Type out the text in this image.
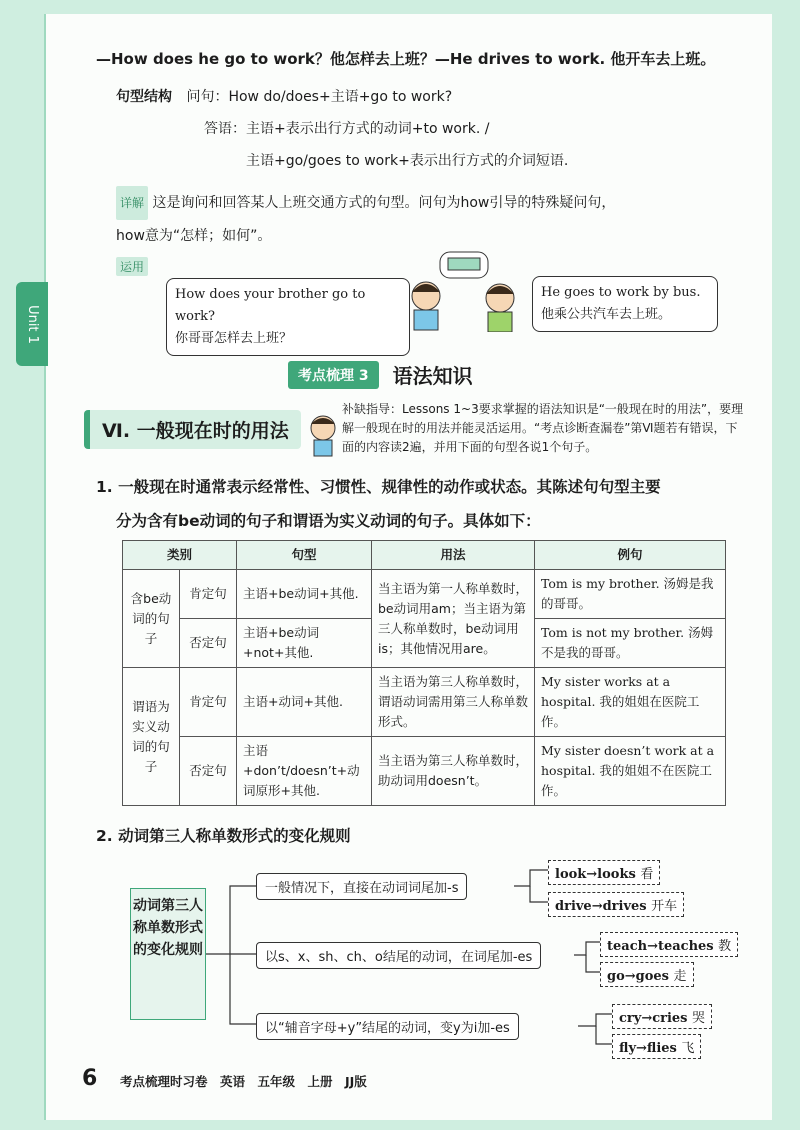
Unit 1
—How does he go to work？他怎样去上班？—He drives to work. 他开车去上班。
句型结构 问句：How do/does+主语+go to work?
答语：主语+表示出行方式的动词+to work. /
主语+go/goes to work+表示出行方式的介词短语.
详解 这是询问和回答某人上班交通方式的句型。问句为how引导的特殊疑问句，
how意为“怎样；如何”。
运用
How does your brother go to work?
你哥哥怎样去上班？
He goes to work by bus.
他乘公共汽车去上班。
考点梳理 3	语法知识
Ⅵ. 一般现在时的用法
补缺指导：Lessons 1~3要求掌握的语法知识是“一般现在时的用法”，要理解一般现在时的用法并能灵活运用。“考点诊断查漏卷”第Ⅵ题若有错误，下面的内容读2遍，并用下面的句型各说1个句子。
1. 一般现在时通常表示经常性、习惯性、规律性的动作或状态。其陈述句句型主要
分为含有be动词的句子和谓语为实义动词的句子。具体如下：
类别		句型	用法	例句
含be动词的句子	肯定句	主语+be动词+其他.	当主语为第一人称单数时，be动词用am；当主语为第三人称单数时，be动词用is；其他情况用are。	Tom is my brother. 汤姆是我的哥哥。
	否定句	主语+be动词+not+其他.		Tom is not my brother. 汤姆不是我的哥哥。
谓语为实义动词的句子	肯定句	主语+动词+其他.	当主语为第三人称单数时，谓语动词需用第三人称单数形式。	My sister works at a hospital. 我的姐姐在医院工作。
	否定句	主语+don’t/doesn’t+动词原形+其他.	当主语为第三人称单数时，助动词用doesn’t。	My sister doesn’t work at a hospital. 我的姐姐不在医院工作。
2. 动词第三人称单数形式的变化规则
动词第三人称单数形式的变化规则
一般情况下，直接在动词词尾加-s
以s、x、sh、ch、o结尾的动词，在词尾加-es
以“辅音字母+y”结尾的动词，变y为i加-es
look→looks 看
drive→drives 开车
teach→teaches 教
go→goes 走
cry→cries 哭
fly→flies 飞
6 考点梳理时习卷　英语　五年级　上册　JJ版
